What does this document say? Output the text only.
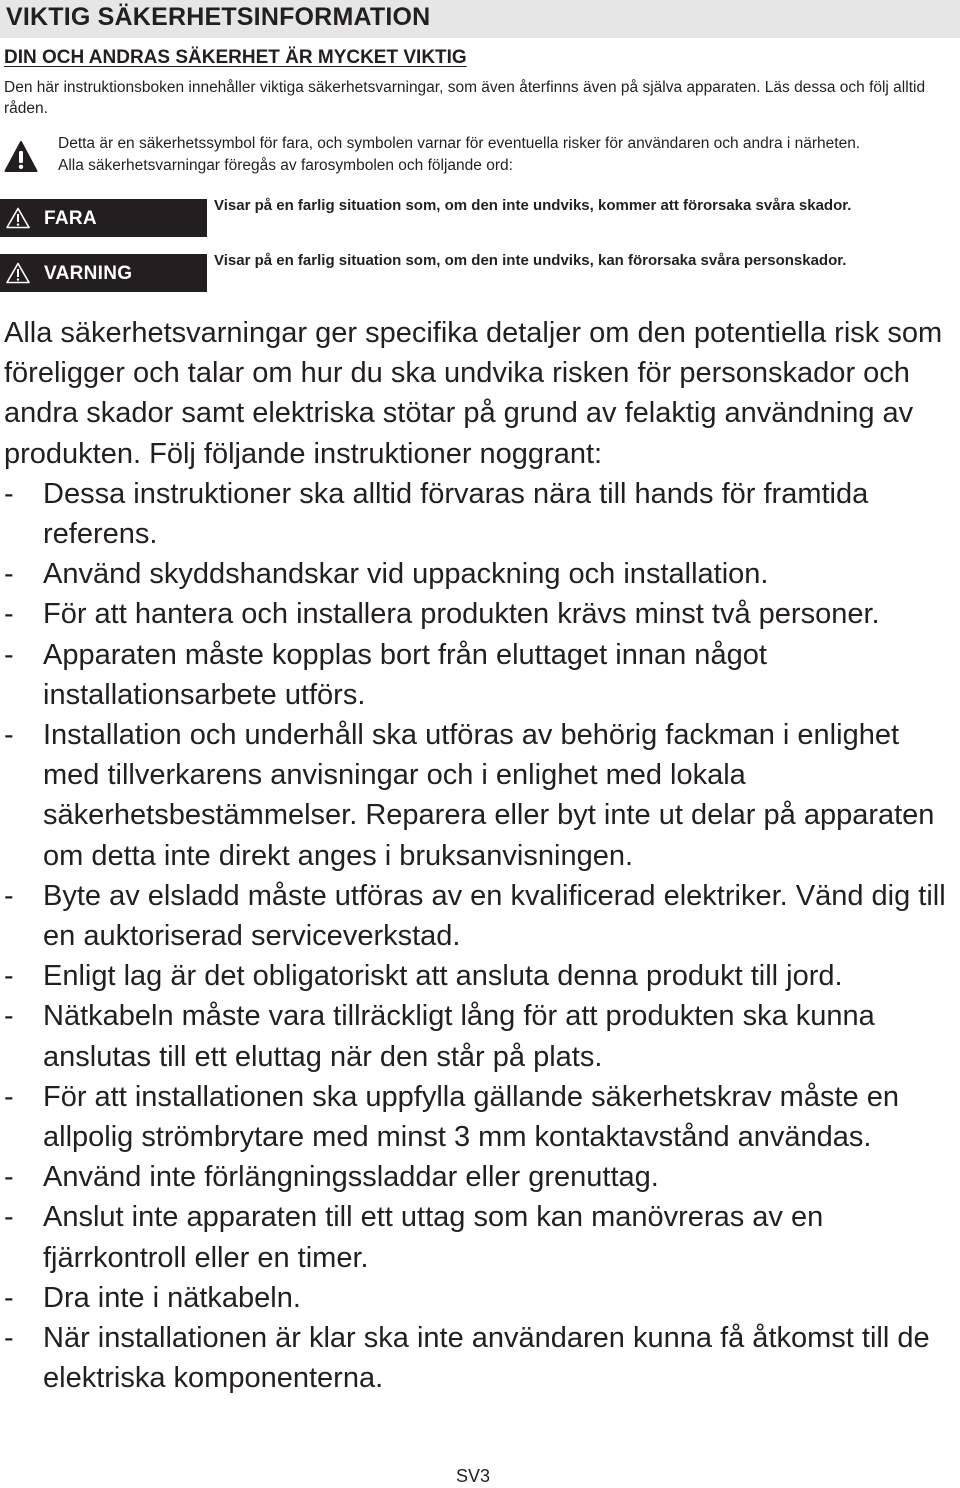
VIKTIG SÄKERHETSINFORMATION
DIN OCH ANDRAS SÄKERHET ÄR MYCKET VIKTIG

Den här instruktionsboken innehåller viktiga säkerhetsvarningar, som även återfinns även på själva apparaten. Läs dessa och följ alltid råden.

Detta är en säkerhetssymbol för fara, och symbolen varnar för eventuella risker för användaren och andra i närheten.

Alla säkerhetsvarningar föregås av farosymbolen och följande ord:

FARA

Visar på en farlig situation som, om den inte undviks, kommer att förorsaka svåra skador.

VARNING

Visar på en farlig situation som, om den inte undviks, kan förorsaka svåra personskador.

Alla säkerhetsvarningar ger specifika detaljer om den potentiella risk som föreligger och talar om hur du ska undvika risken för personskador och andra skador samt elektriska stötar på grund av felaktig användning av produkten. Följ följande instruktioner noggrant:

- Dessa instruktioner ska alltid förvaras nära till hands för framtida referens.
- Använd skyddshandskar vid uppackning och installation.
- För att hantera och installera produkten krävs minst två personer.
- Apparaten måste kopplas bort från eluttaget innan något installationsarbete utförs.
- Installation och underhåll ska utföras av behörig fackman i enlighet med tillverkarens anvisningar och i enlighet med lokala säkerhetsbestämmelser. Reparera eller byt inte ut delar på apparaten om detta inte direkt anges i bruksanvisningen.
- Byte av elsladd måste utföras av en kvalificerad elektriker. Vänd dig till en auktoriserad serviceverkstad.
- Enligt lag är det obligatoriskt att ansluta denna produkt till jord.
- Nätkabeln måste vara tillräckligt lång för att produkten ska kunna anslutas till ett eluttag när den står på plats.
- För att installationen ska uppfylla gällande säkerhetskrav måste en allpolig strömbrytare med minst 3 mm kontaktavstånd användas.
- Använd inte förlängningssladdar eller grenuttag.
- Anslut inte apparaten till ett uttag som kan manövreras av en fjärrkontroll eller en timer.
- Dra inte i nätkabeln.
- När installationen är klar ska inte användaren kunna få åtkomst till de elektriska komponenterna.
SV3
